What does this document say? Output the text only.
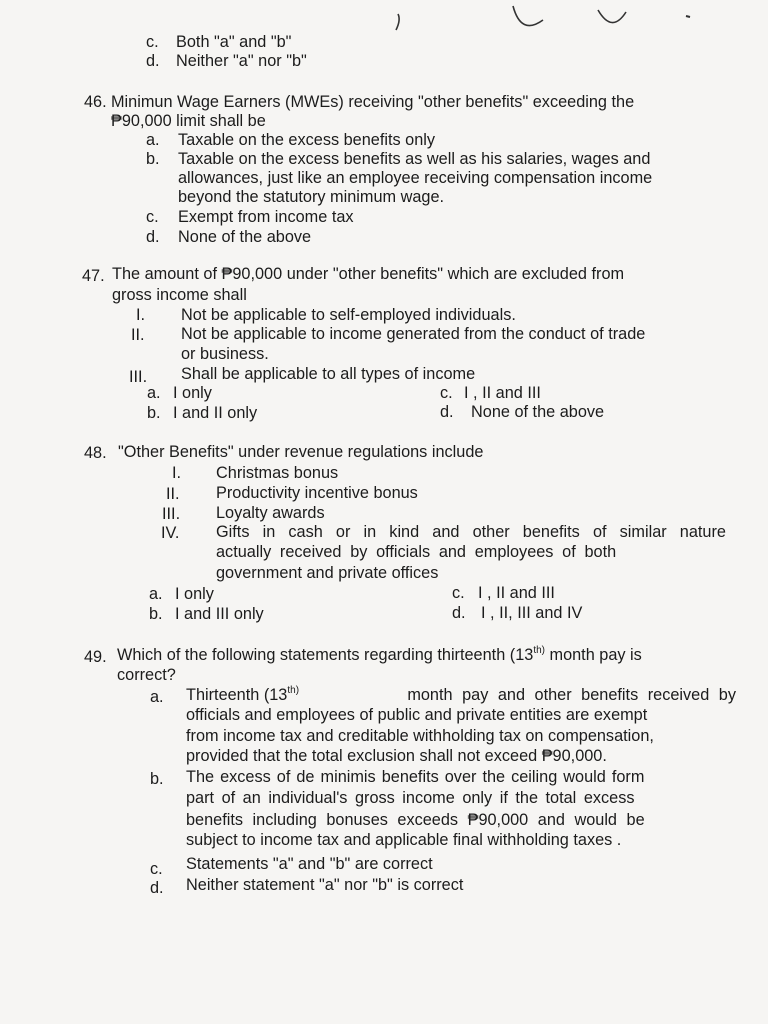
c. Both "a" and "b"
d. Neither "a" nor "b"
46. Minimun Wage Earners (MWEs) receiving "other benefits" exceeding the
₱90,000 limit shall be
a. Taxable on the excess benefits only
b. Taxable on the excess benefits as well as his salaries, wages and
allowances, just like an employee receiving compensation income
beyond the statutory minimum wage.
c. Exempt from income tax
d. None of the above
47. The amount of ₱90,000 under "other benefits" which are excluded from
gross income shall
I. Not be applicable to self-employed individuals.
II. Not be applicable to income generated from the conduct of trade
or business.
III. Shall be applicable to all types of income
a. I only	c. I , II and III
b. I and II only	d. None of the above
48. "Other Benefits" under revenue regulations include
I. Christmas bonus
II. Productivity incentive bonus
III. Loyalty awards
IV. Gifts in cash or in kind and other benefits of similar nature
actually received by officials and employees of both
government and private offices
a. I only	c. I , II and III
b. I and III only	d. I , II, III and IV
49. Which of the following statements regarding thirteenth ($13^{th)}$ month pay is
correct?
a. Thirteenth ($13^{th)}$	month pay and other benefits received by
officials and employees of public and private entities are exempt
from income tax and creditable withholding tax on compensation,
provided that the total exclusion shall not exceed ₱90,000.
b. The excess of de minimis benefits over the ceiling would form
part of an individual's gross income only if the total excess
benefits including bonuses exceeds ₱90,000 and would be
subject to income tax and applicable final withholding taxes .
c. Statements "a" and "b" are correct
d. Neither statement "a" nor "b" is correct
